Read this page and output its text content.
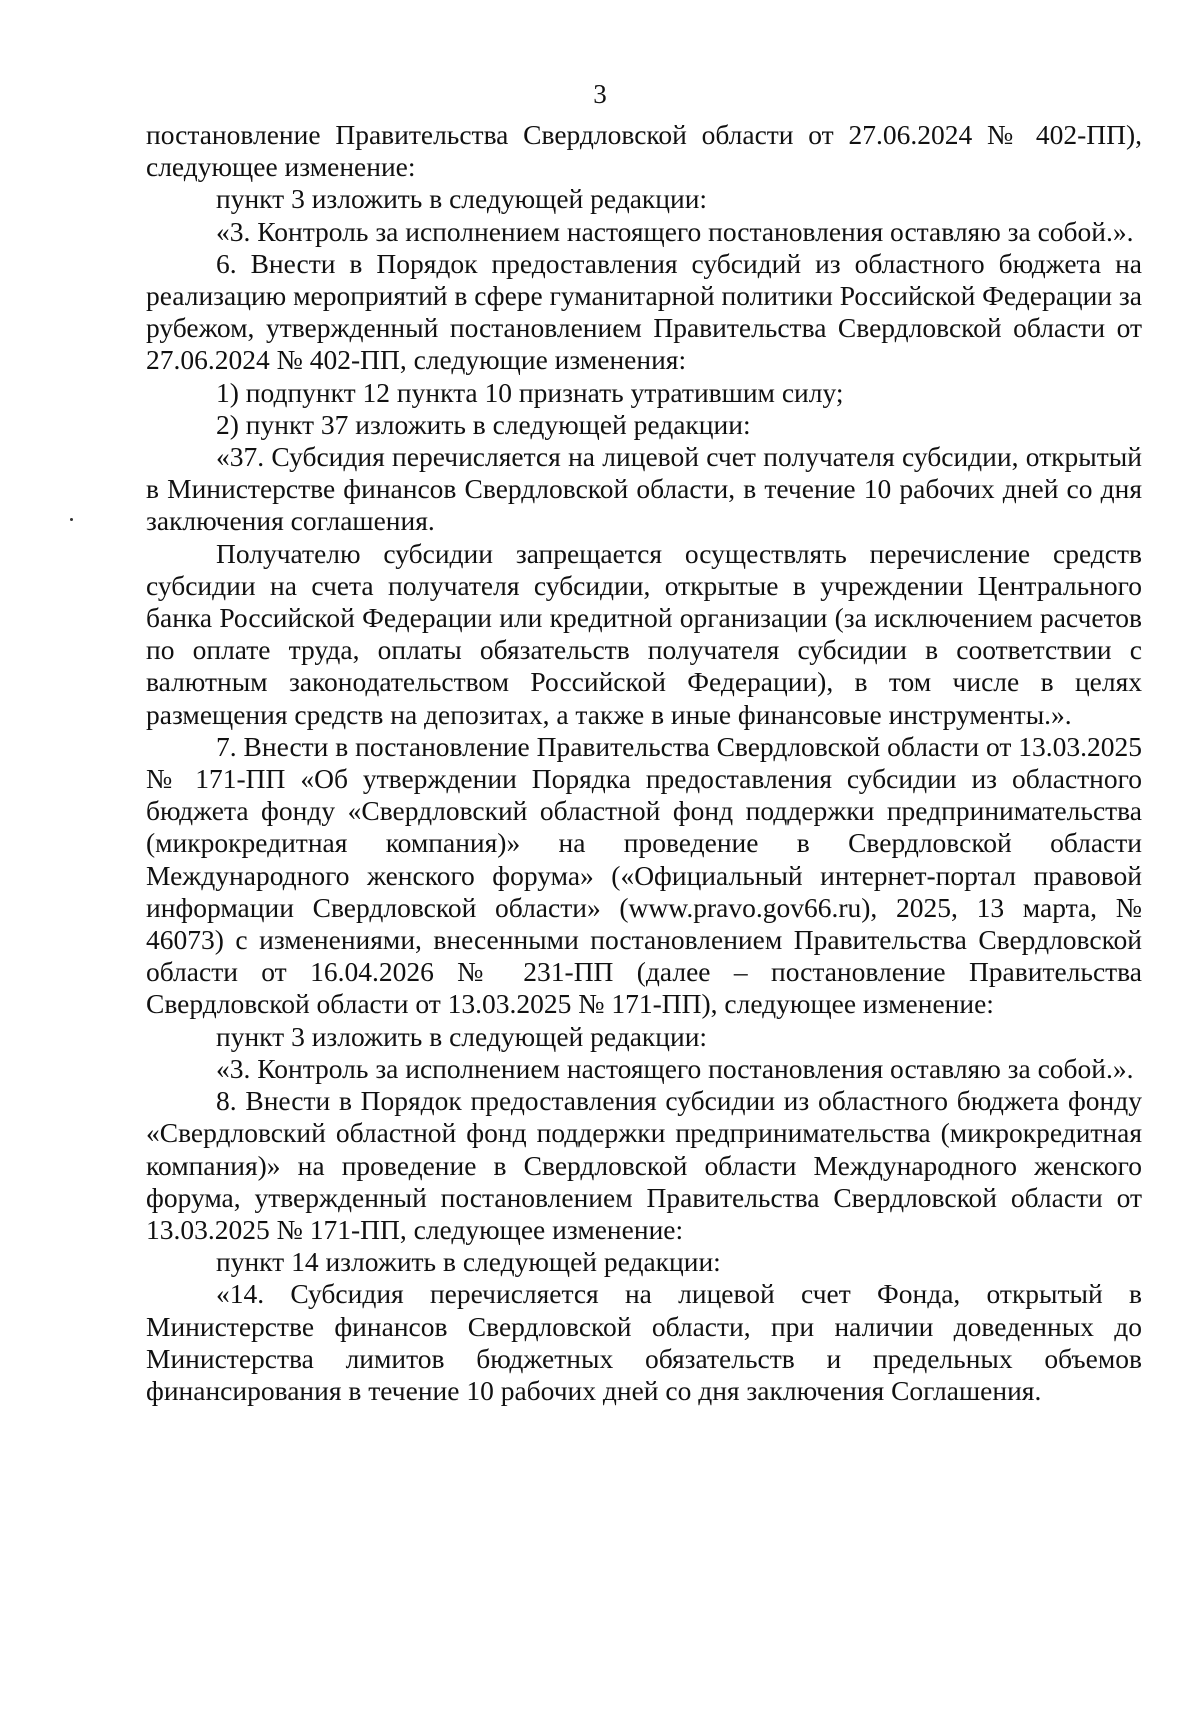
3

постановление Правительства Свердловской области от 27.06.2024 № 402-ПП), следующее изменение:

пункт 3 изложить в следующей редакции:

«3. Контроль за исполнением настоящего постановления оставляю за собой.».

6. Внести в Порядок предоставления субсидий из областного бюджета на реализацию мероприятий в сфере гуманитарной политики Российской Федерации за рубежом, утвержденный постановлением Правительства Свердловской области от 27.06.2024 № 402-ПП, следующие изменения:

1) подпункт 12 пункта 10 признать утратившим силу;

2) пункт 37 изложить в следующей редакции:

«37. Субсидия перечисляется на лицевой счет получателя субсидии, открытый в Министерстве финансов Свердловской области, в течение 10 рабочих дней со дня заключения соглашения.

Получателю субсидии запрещается осуществлять перечисление средств субсидии на счета получателя субсидии, открытые в учреждении Центрального банка Российской Федерации или кредитной организации (за исключением расчетов по оплате труда, оплаты обязательств получателя субсидии в соответствии с валютным законодательством Российской Федерации), в том числе в целях размещения средств на депозитах, а также в иные финансовые инструменты.».

7. Внести в постановление Правительства Свердловской области от 13.03.2025 № 171-ПП «Об утверждении Порядка предоставления субсидии из областного бюджета фонду «Свердловский областной фонд поддержки предпринимательства (микрокредитная компания)» на проведение в Свердловской области Международного женского форума» («Официальный интернет-портал правовой информации Свердловской области» (www.pravo.gov66.ru), 2025, 13 марта, № 46073) с изменениями, внесенными постановлением Правительства Свердловской области от 16.04.2026 № 231-ПП (далее – постановление Правительства Свердловской области от 13.03.2025 № 171-ПП), следующее изменение:

пункт 3 изложить в следующей редакции:

«3. Контроль за исполнением настоящего постановления оставляю за собой.».

8. Внести в Порядок предоставления субсидии из областного бюджета фонду «Свердловский областной фонд поддержки предпринимательства (микрокредитная компания)» на проведение в Свердловской области Международного женского форума, утвержденный постановлением Правительства Свердловской области от 13.03.2025 № 171-ПП, следующее изменение:

пункт 14 изложить в следующей редакции:

«14. Субсидия перечисляется на лицевой счет Фонда, открытый в Министерстве финансов Свердловской области, при наличии доведенных до Министерства лимитов бюджетных обязательств и предельных объемов финансирования в течение 10 рабочих дней со дня заключения Соглашения.
